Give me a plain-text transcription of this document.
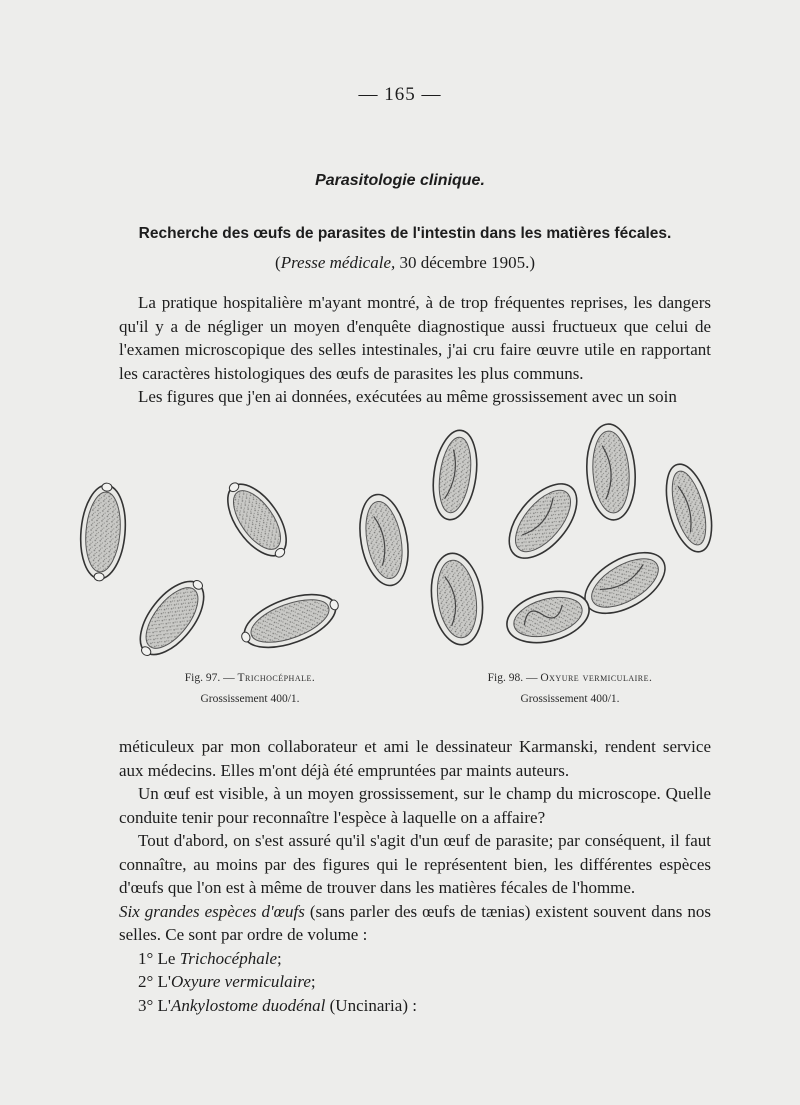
— 165 —
Parasitologie clinique.
Recherche des œufs de parasites de l'intestin dans les matières fécales.
(Presse médicale, 30 décembre 1905.)

La pratique hospitalière m'ayant montré, à de trop fréquentes reprises, les dangers qu'il y a de négliger un moyen d'enquête diagnostique aussi fructueux que celui de l'examen microscopique des selles intestinales, j'ai cru faire œuvre utile en rapportant les caractères histologiques des œufs de parasites les plus communs.

Les figures que j'en ai données, exécutées au même grossissement avec un soin

Fig. 97. — Trichocéphale.
Grossissement 400/1.
Fig. 98. — Oxyure vermiculaire.
Grossissement 400/1.

méticuleux par mon collaborateur et ami le dessinateur Karmanski, rendent service aux médecins. Elles m'ont déjà été empruntées par maints auteurs.

Un œuf est visible, à un moyen grossissement, sur le champ du microscope. Quelle conduite tenir pour reconnaître l'espèce à laquelle on a affaire?

Tout d'abord, on s'est assuré qu'il s'agit d'un œuf de parasite; par conséquent, il faut connaître, au moins par des figures qui le représentent bien, les différentes espèces d'œufs que l'on est à même de trouver dans les matières fécales de l'homme.

Six grandes espèces d'œufs (sans parler des œufs de tænias) existent souvent dans nos selles. Ce sont par ordre de volume :

1° Le Trichocéphale;

2° L'Oxyure vermiculaire;

3° L'Ankylostome duodénal (Uncinaria) :
